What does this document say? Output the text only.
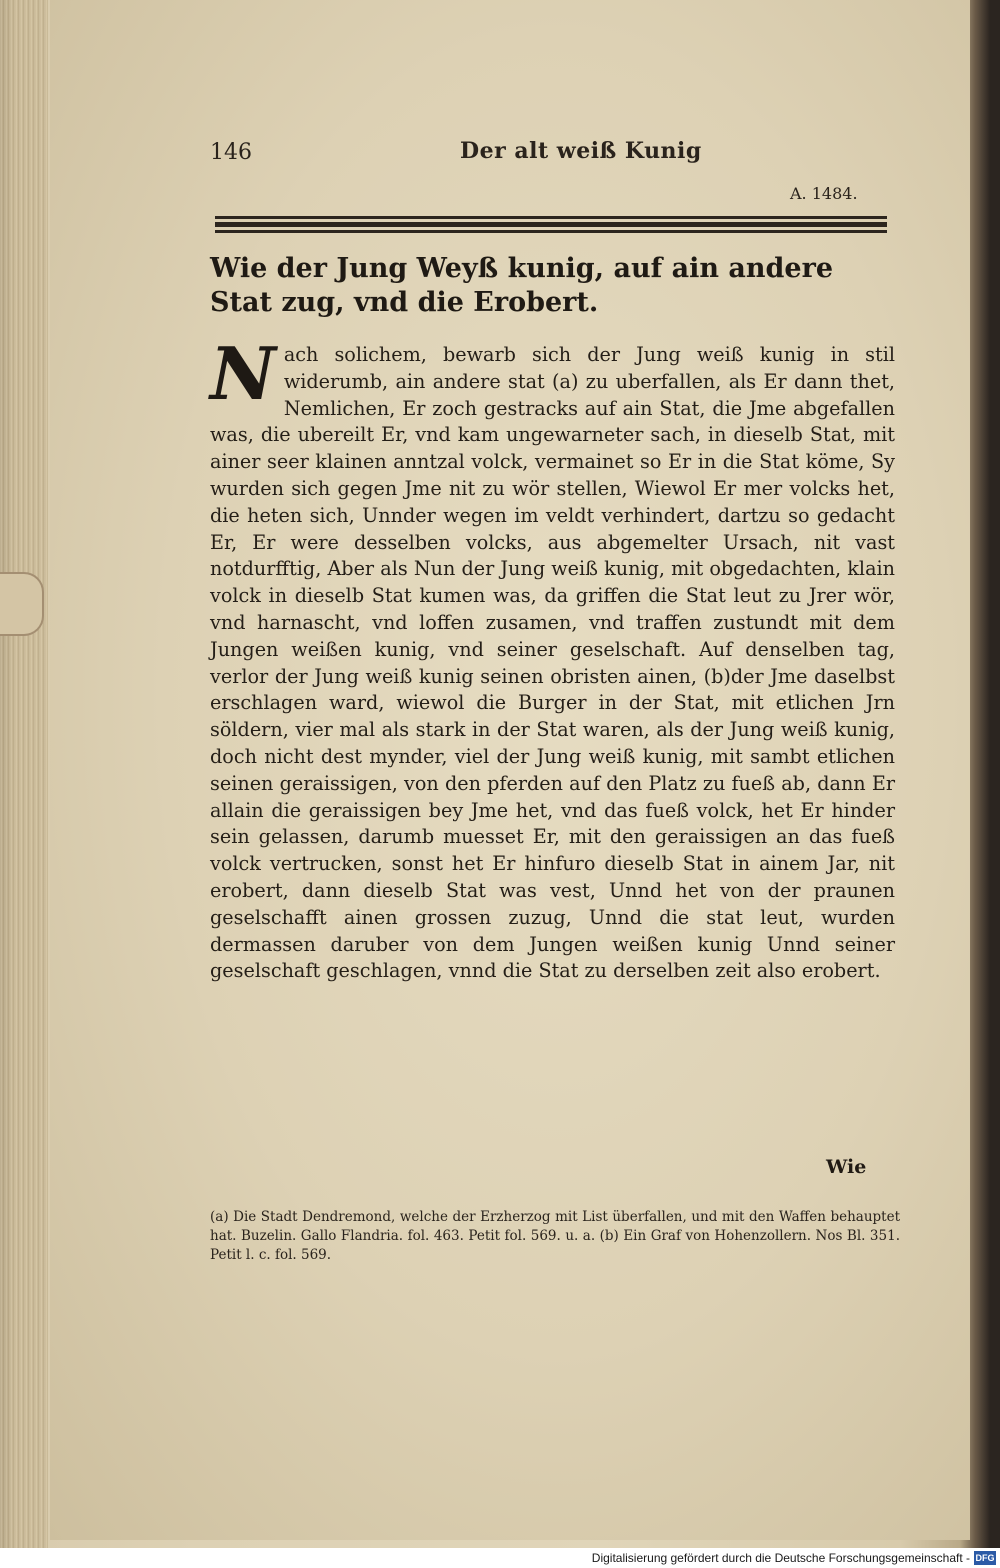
146	Der alt weiß Kunig
A. 1484.
Wie der Jung Weyß kunig, auf ain andere Stat zug, vnd die Erobert.
N ach solichem, bewarb sich der Jung weiß kunig in stil widerumb, ain andere stat (a) zu uberfallen, als Er dann thet, Nemlichen, Er zoch gestracks auf ain Stat, die Jme abgefallen was, die ubereilt Er, vnd kam ungewarneter sach, in dieselb Stat, mit ainer seer klainen anntzal volck, vermainet so Er in die Stat köme, Sy wurden sich gegen Jme nit zu wör stellen, Wiewol Er mer volcks het, die heten sich, Unnder wegen im veldt verhindert, dartzu so gedacht Er, Er were desselben volcks, aus abgemelter Ursach, nit vast notdurfftig, Aber als Nun der Jung weiß kunig, mit obgedachten, klain volck in dieselb Stat kumen was, da griffen die Stat leut zu Jrer wör, vnd harnascht, vnd loffen zusamen, vnd traffen zustundt mit dem Jungen weißen kunig, vnd seiner geselschaft. Auf denselben tag, verlor der Jung weiß kunig seinen obristen ainen, (b)der Jme daselbst erschlagen ward, wiewol die Burger in der Stat, mit etlichen Jrn söldern, vier mal als stark in der Stat waren, als der Jung weiß kunig, doch nicht dest mynder, viel der Jung weiß kunig, mit sambt etlichen seinen geraissigen, von den pferden auf den Platz zu fueß ab, dann Er allain die geraissigen bey Jme het, vnd das fueß volck, het Er hinder sein gelassen, darumb muesset Er, mit den geraissigen an das fueß volck vertrucken, sonst het Er hinfuro dieselb Stat in ainem Jar, nit erobert, dann dieselb Stat was vest, Unnd het von der praunen geselschafft ainen grossen zuzug, Unnd die stat leut, wurden dermassen daruber von dem Jungen weißen kunig Unnd seiner geselschaft geschlagen, vnnd die Stat zu derselben zeit also erobert.
Wie
(a) Die Stadt Dendremond, welche der Erzherzog mit List überfallen, und mit den Waffen behauptet hat. Buzelin. Gallo Flandria. fol. 463. Petit fol. 569. u. a. (b) Ein Graf von Hohenzollern. Nos Bl. 351. Petit l. c. fol. 569.
Digitalisierung gefördert durch die Deutsche Forschungsgemeinschaft - DFG
